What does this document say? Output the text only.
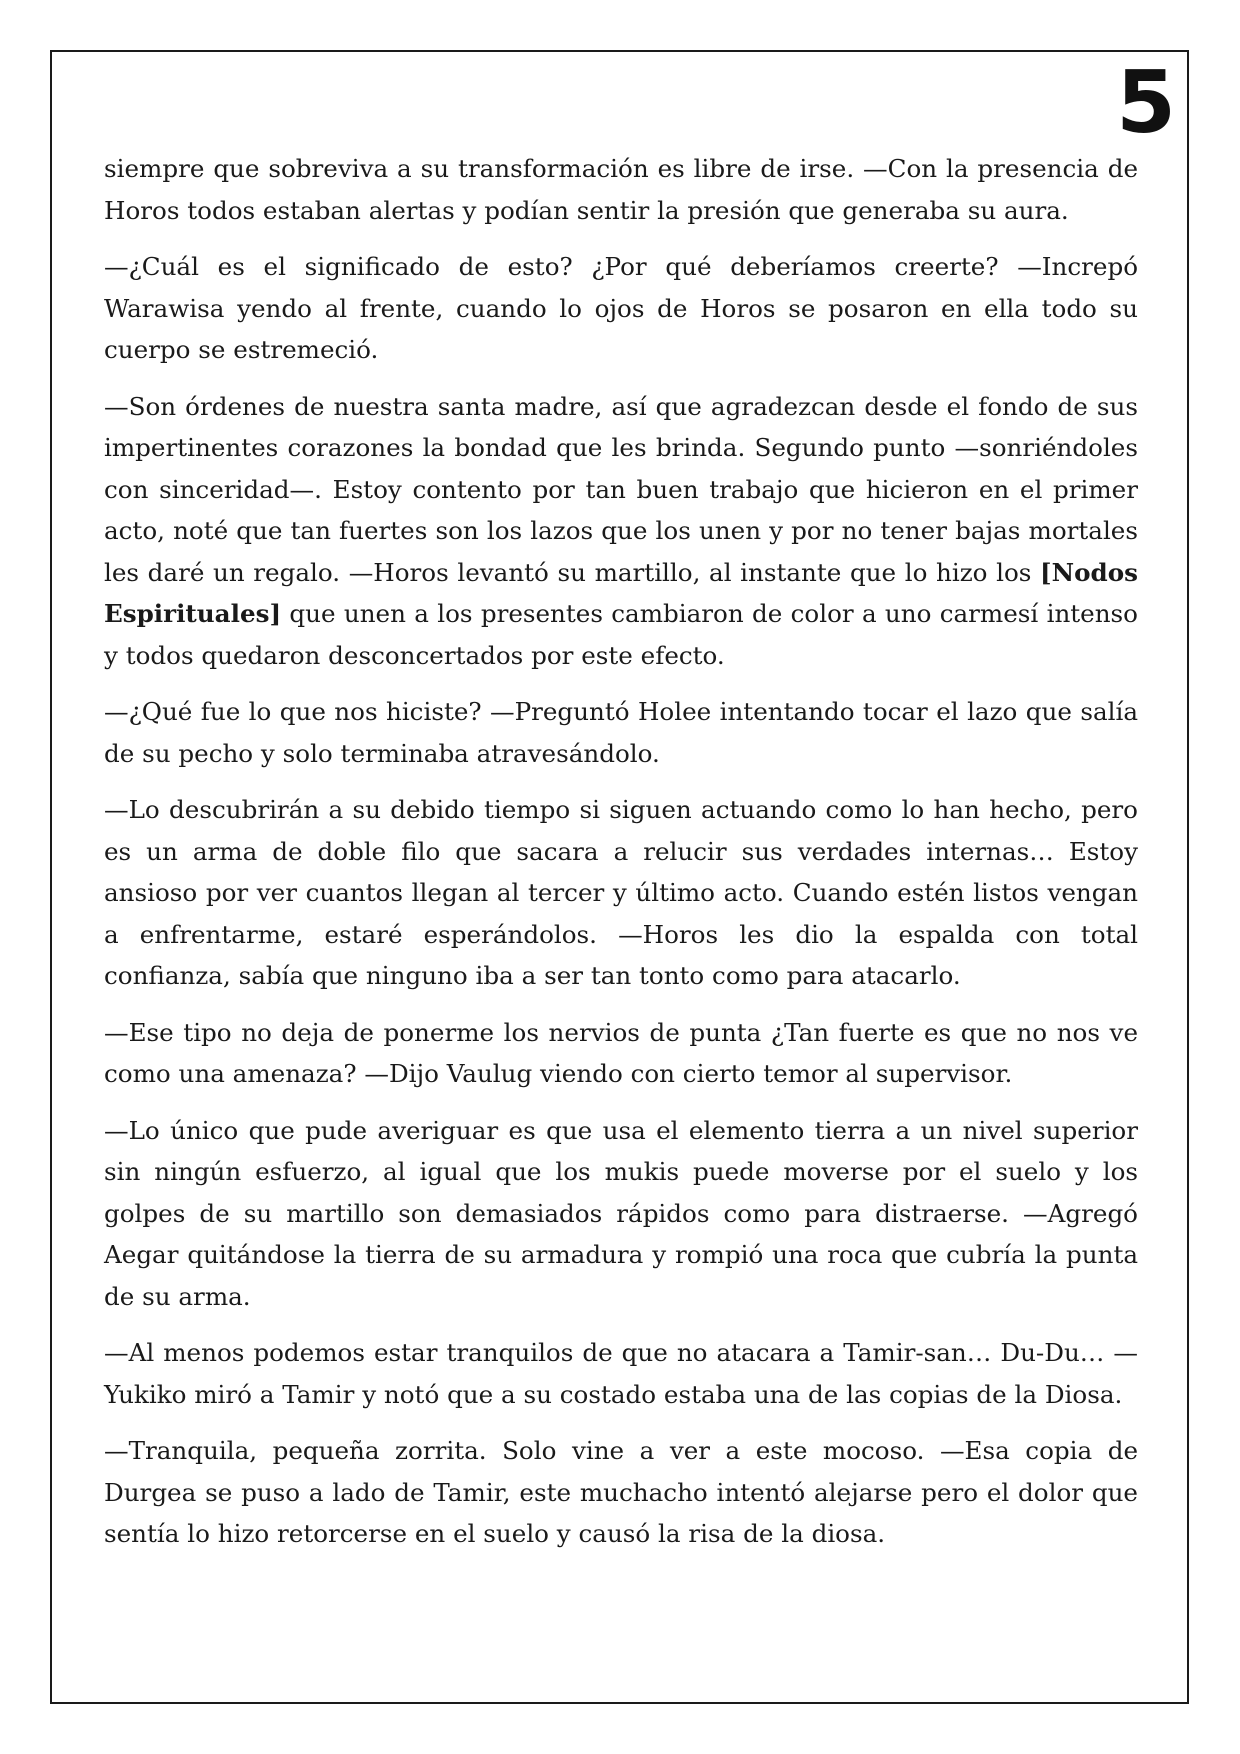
5

siempre que sobreviva a su transformación es libre de irse. —Con la presencia de Horos todos estaban alertas y podían sentir la presión que generaba su aura.

—¿Cuál es el significado de esto? ¿Por qué deberíamos creerte? —Increpó Warawisa yendo al frente, cuando lo ojos de Horos se posaron en ella todo su cuerpo se estremeció.

—Son órdenes de nuestra santa madre, así que agradezcan desde el fondo de sus impertinentes corazones la bondad que les brinda. Segundo punto —sonriéndoles con sinceridad—. Estoy contento por tan buen trabajo que hicieron en el primer acto, noté que tan fuertes son los lazos que los unen y por no tener bajas mortales les daré un regalo. —Horos levantó su martillo, al instante que lo hizo los [Nodos Espirituales] que unen a los presentes cambiaron de color a uno carmesí intenso y todos quedaron desconcertados por este efecto.

—¿Qué fue lo que nos hiciste? —Preguntó Holee intentando tocar el lazo que salía de su pecho y solo terminaba atravesándolo.

—Lo descubrirán a su debido tiempo si siguen actuando como lo han hecho, pero es un arma de doble filo que sacara a relucir sus verdades internas… Estoy ansioso por ver cuantos llegan al tercer y último acto. Cuando estén listos vengan a enfrentarme, estaré esperándolos. —Horos les dio la espalda con total confianza, sabía que ninguno iba a ser tan tonto como para atacarlo.

—Ese tipo no deja de ponerme los nervios de punta ¿Tan fuerte es que no nos ve como una amenaza? —Dijo Vaulug viendo con cierto temor al supervisor.

—Lo único que pude averiguar es que usa el elemento tierra a un nivel superior sin ningún esfuerzo, al igual que los mukis puede moverse por el suelo y los golpes de su martillo son demasiados rápidos como para distraerse. —Agregó Aegar quitándose la tierra de su armadura y rompió una roca que cubría la punta de su arma.

—Al menos podemos estar tranquilos de que no atacara a Tamir-san… Du-Du… —Yukiko miró a Tamir y notó que a su costado estaba una de las copias de la Diosa.

—Tranquila, pequeña zorrita. Solo vine a ver a este mocoso. —Esa copia de Durgea se puso a lado de Tamir, este muchacho intentó alejarse pero el dolor que sentía lo hizo retorcerse en el suelo y causó la risa de la diosa.
